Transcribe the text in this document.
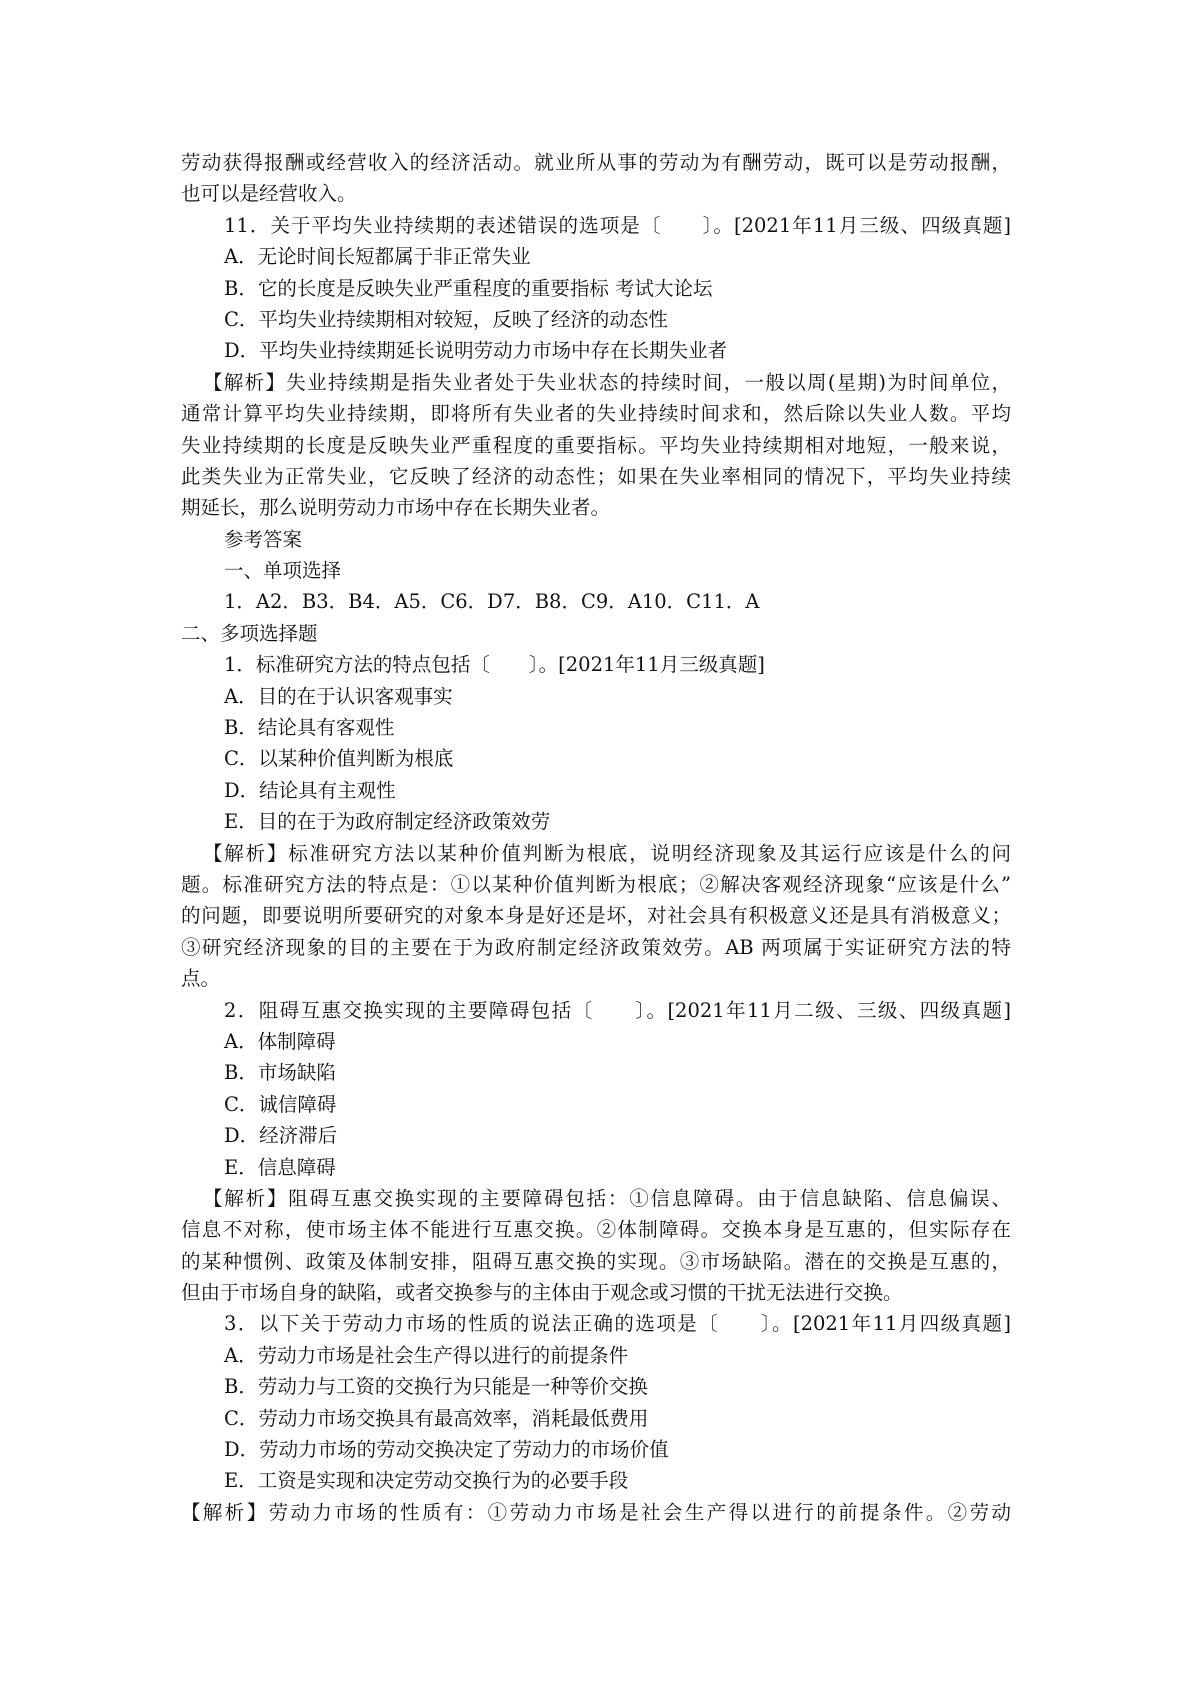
劳动获得报酬或经营收入的经济活动。就业所从事的劳动为有酬劳动，既可以是劳动报酬，
也可以是经营收入。
11．关于平均失业持续期的表述错误的选项是〔　　〕。[2021年11月三级、四级真题]
A．无论时间长短都属于非正常失业
B．它的长度是反映失业严重程度的重要指标 考试大论坛
C．平均失业持续期相对较短，反映了经济的动态性
D．平均失业持续期延长说明劳动力市场中存在长期失业者
【解析】失业持续期是指失业者处于失业状态的持续时间，一般以周(星期)为时间单位，
通常计算平均失业持续期，即将所有失业者的失业持续时间求和，然后除以失业人数。平均
失业持续期的长度是反映失业严重程度的重要指标。平均失业持续期相对地短，一般来说，
此类失业为正常失业，它反映了经济的动态性；如果在失业率相同的情况下，平均失业持续
期延长，那么说明劳动力市场中存在长期失业者。
参考答案
一、单项选择
1．A2．B3．B4．A5．C6．D7．B8．C9．A10．C11．A
二、多项选择题
1．标准研究方法的特点包括〔　　〕。[2021年11月三级真题]
A．目的在于认识客观事实
B．结论具有客观性
C．以某种价值判断为根底
D．结论具有主观性
E．目的在于为政府制定经济政策效劳
【解析】标准研究方法以某种价值判断为根底，说明经济现象及其运行应该是什么的问
题。标准研究方法的特点是：①以某种价值判断为根底；②解决客观经济现象“应该是什么”
的问题，即要说明所要研究的对象本身是好还是坏，对社会具有积极意义还是具有消极意义；
③研究经济现象的目的主要在于为政府制定经济政策效劳。AB 两项属于实证研究方法的特
点。
2．阻碍互惠交换实现的主要障碍包括〔　　〕。[2021年11月二级、三级、四级真题]
A．体制障碍
B．市场缺陷
C．诚信障碍
D．经济滞后
E．信息障碍
【解析】阻碍互惠交换实现的主要障碍包括：①信息障碍。由于信息缺陷、信息偏误、
信息不对称，使市场主体不能进行互惠交换。②体制障碍。交换本身是互惠的，但实际存在
的某种惯例、政策及体制安排，阻碍互惠交换的实现。③市场缺陷。潜在的交换是互惠的，
但由于市场自身的缺陷，或者交换参与的主体由于观念或习惯的干扰无法进行交换。
3．以下关于劳动力市场的性质的说法正确的选项是〔　　〕。[2021年11月四级真题]
A．劳动力市场是社会生产得以进行的前提条件
B．劳动力与工资的交换行为只能是一种等价交换
C．劳动力市场交换具有最高效率，消耗最低费用
D．劳动力市场的劳动交换决定了劳动力的市场价值
E．工资是实现和决定劳动交换行为的必要手段
【解析】劳动力市场的性质有：①劳动力市场是社会生产得以进行的前提条件。②劳动
